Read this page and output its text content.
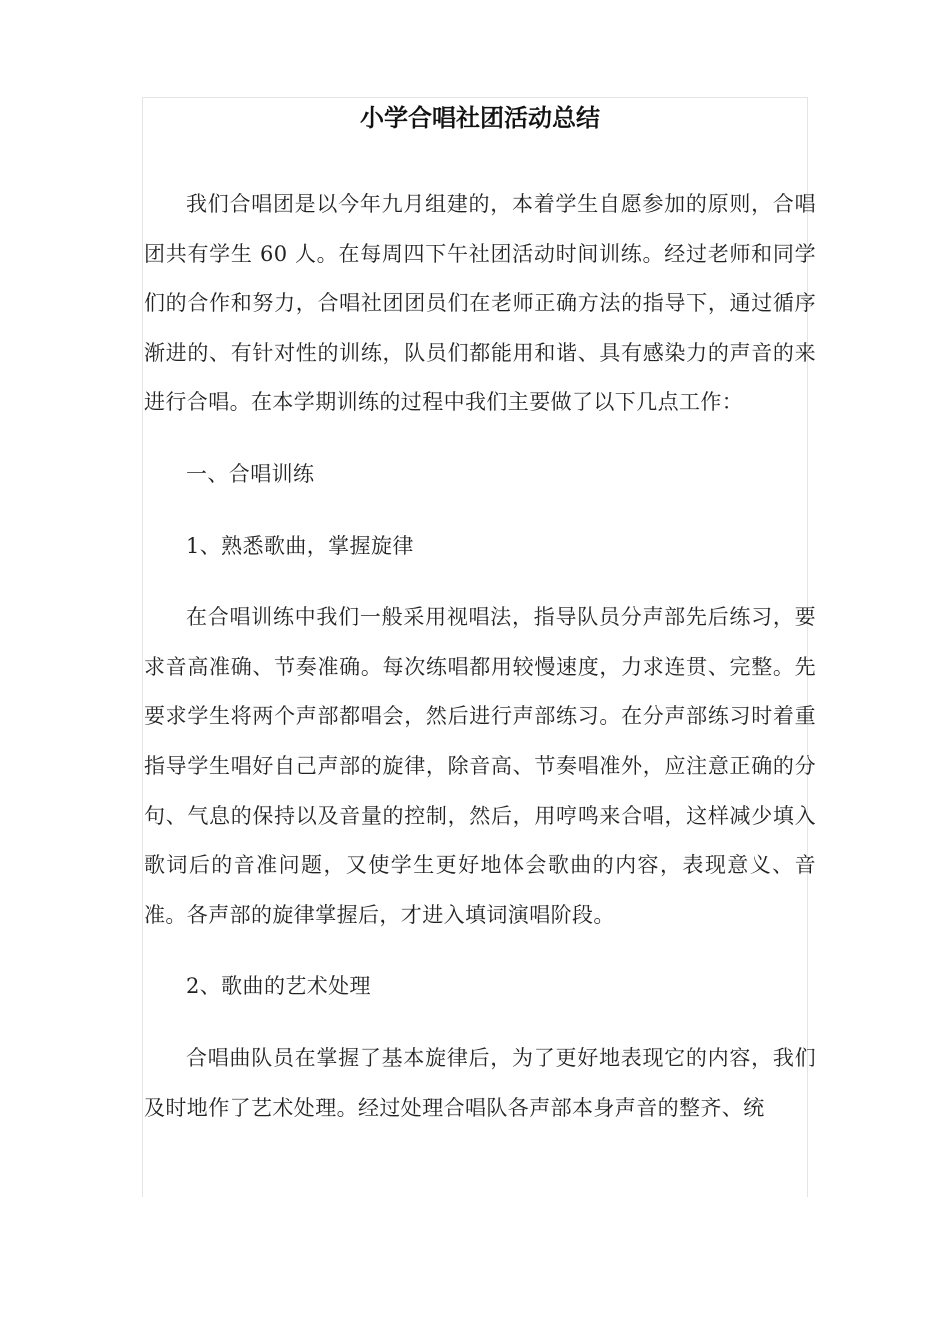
小学合唱社团活动总结

我们合唱团是以今年九月组建的，本着学生自愿参加的原则，合唱团共有学生 60 人。在每周四下午社团活动时间训练。经过老师和同学们的合作和努力，合唱社团团员们在老师正确方法的指导下，通过循序渐进的、有针对性的训练，队员们都能用和谐、具有感染力的声音的来进行合唱。在本学期训练的过程中我们主要做了以下几点工作：

一、合唱训练

1、熟悉歌曲，掌握旋律

在合唱训练中我们一般采用视唱法，指导队员分声部先后练习，要求音高准确、节奏准确。每次练唱都用较慢速度，力求连贯、完整。先要求学生将两个声部都唱会，然后进行声部练习。在分声部练习时着重指导学生唱好自己声部的旋律，除音高、节奏唱准外，应注意正确的分句、气息的保持以及音量的控制，然后，用哼鸣来合唱，这样减少填入歌词后的音准问题，又使学生更好地体会歌曲的内容，表现意义、音准。各声部的旋律掌握后，才进入填词演唱阶段。

2、歌曲的艺术处理

合唱曲队员在掌握了基本旋律后，为了更好地表现它的内容，我们及时地作了艺术处理。经过处理合唱队各声部本身声音的整齐、统
